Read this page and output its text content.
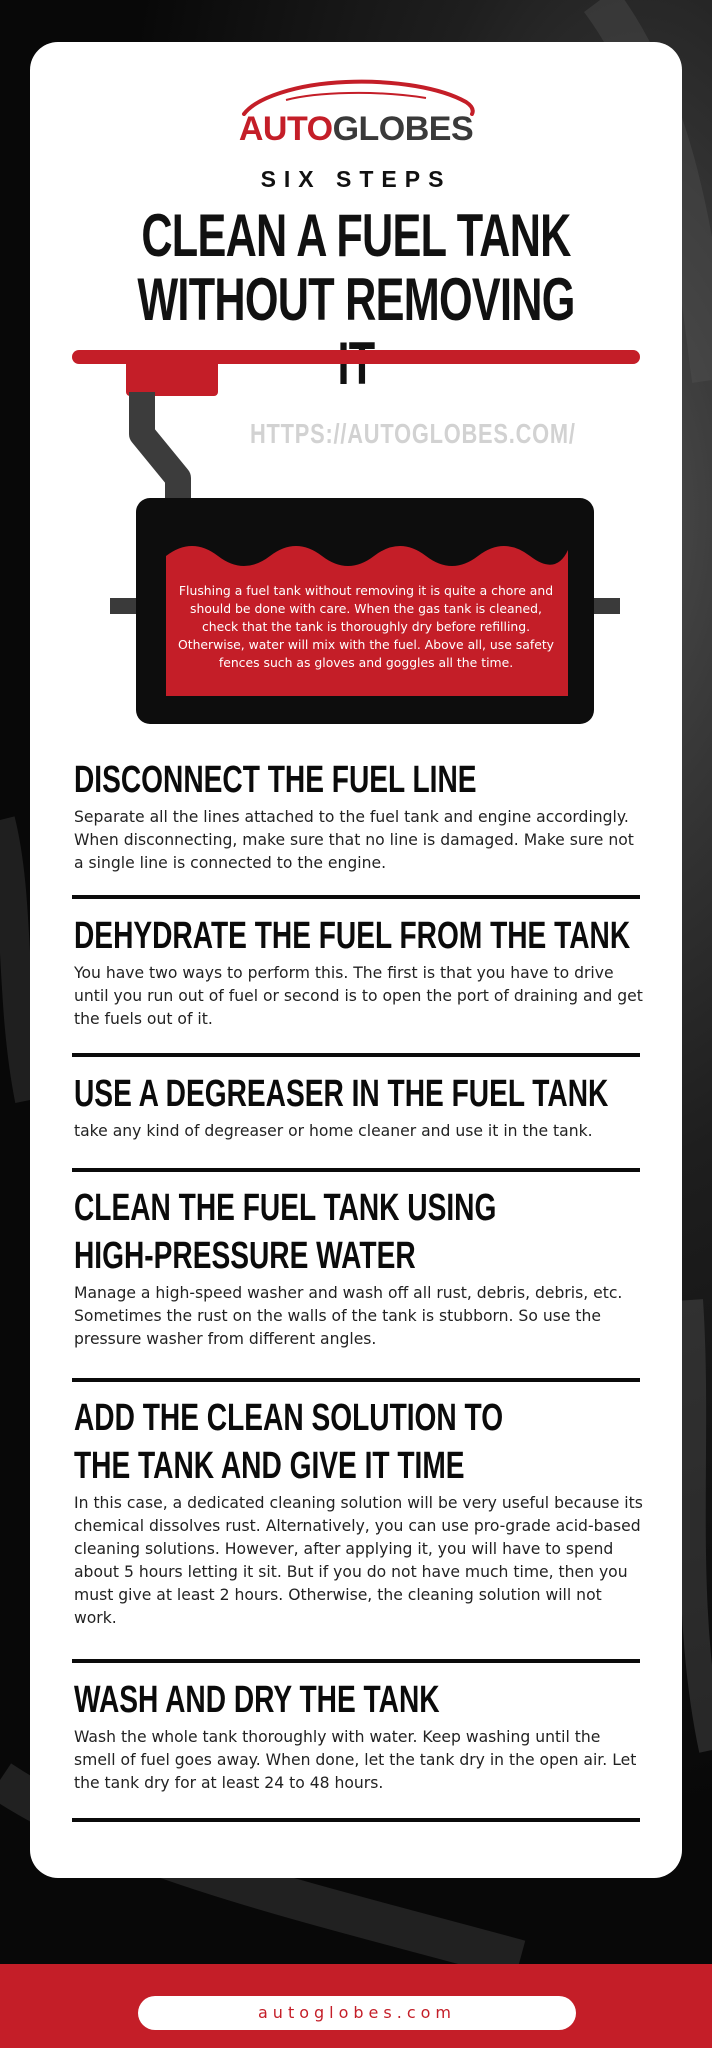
AUTOGLOBES
SIX STEPS
CLEAN A FUEL TANK
WITHOUT REMOVING
HTTPS://AUTOGLOBES.COM/
Flushing a fuel tank without removing it is quite a chore and should be done with care. When the gas tank is cleaned, check that the tank is thoroughly dry before refilling. Otherwise, water will mix with the fuel. Above all, use safety fences such as gloves and goggles all the time.
DISCONNECT THE FUEL LINE

Separate all the lines attached to the fuel tank and engine accordingly. When disconnecting, make sure that no line is damaged. Make sure not a single line is connected to the engine.

DEHYDRATE THE FUEL FROM THE TANK

You have two ways to perform this. The first is that you have to drive until you run out of fuel or second is to open the port of draining and get the fuels out of it.

USE A DEGREASER IN THE FUEL TANK

take any kind of degreaser or home cleaner and use it in the tank.

CLEAN THE FUEL TANK USING HIGH-PRESSURE WATER

Manage a high-speed washer and wash off all rust, debris, debris, etc. Sometimes the rust on the walls of the tank is stubborn. So use the pressure washer from different angles.

ADD THE CLEAN SOLUTION TO THE TANK AND GIVE IT TIME

In this case, a dedicated cleaning solution will be very useful because its chemical dissolves rust. Alternatively, you can use pro-grade acid-based cleaning solutions. However, after applying it, you will have to spend about 5 hours letting it sit. But if you do not have much time, then you must give at least 2 hours. Otherwise, the cleaning solution will not work.

WASH AND DRY THE TANK

Wash the whole tank thoroughly with water. Keep washing until the smell of fuel goes away. When done, let the tank dry in the open air. Let the tank dry for at least 24 to 48 hours.

autoglobes.com
